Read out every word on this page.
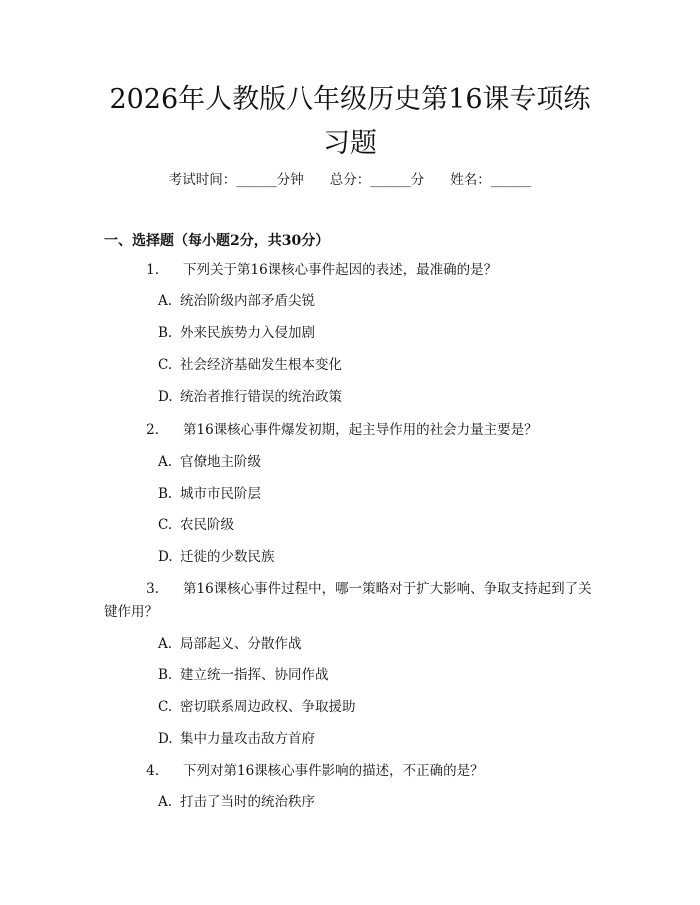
2026年人教版八年级历史第16课专项练习题
考试时间：______分钟 总分：______分 姓名：______
一、选择题（每小题2分，共30分）

1. 下列关于第16课核心事件起因的表述，最准确的是？

A. 统治阶级内部矛盾尖锐

B. 外来民族势力入侵加剧

C. 社会经济基础发生根本变化

D. 统治者推行错误的统治政策

2. 第16课核心事件爆发初期，起主导作用的社会力量主要是？

A. 官僚地主阶级

B. 城市市民阶层

C. 农民阶级

D. 迁徙的少数民族

3. 第16课核心事件过程中，哪一策略对于扩大影响、争取支持起到了关键作用？

A. 局部起义、分散作战

B. 建立统一指挥、协同作战

C. 密切联系周边政权、争取援助

D. 集中力量攻击敌方首府

4. 下列对第16课核心事件影响的描述，不正确的是？

A. 打击了当时的统治秩序
